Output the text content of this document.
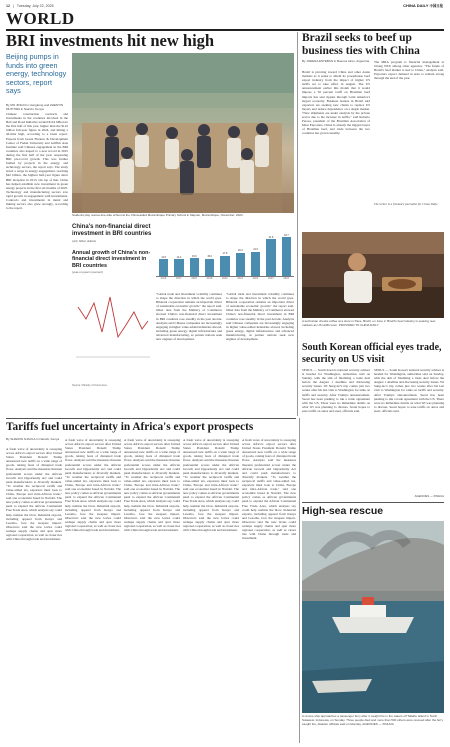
12 | Tuesday, July 22, 2025	CHINA DAILY 中国日报
WORLD
BRI investments hit new high
Beijing pumps in funds into green energy, technology sectors, report says
By MO JINGXI in Hongkong and ZHENTIN MUTITIRA in Nairobi, Kenya
Chinese construction contracts and investments in the countries involved in the Belt and Road Initiative totaled $124 billion in the first half of this year, higher than the $122 billion full-year figure in 2024, and hitting a all-time high, according to a latest report. Experts from Green Finance & Development Center of Fudan University and Griffith Asia Institute said Chinese engagement in the BRI countries also leaped to a new record in 2025 during the first half of the year, surpassing BRI pre-Covid growth. This was further fuelled by projects in the energy, and technology sectors, the report says. The study noted a surge in energy engagement, reaching $42 billion, the highest half-year figure since BRI inception in 2013. On top of that, China has helped establish new investment in green energy projects in the first six months of 2025. Technology and manufacturing sectors saw rapid growth in engagement with investments. Contracts and investments in metal and mining sectors also grew strongly, according to the report.
Students play rescue-line elite school at the China-aided Mozambique Primary School in Maputo, Mozambique, November, 2024.
China's non-financial direct investment in BRI countries
(unit: billion dollars)
Annual growth of China's non-financial direct investment in BRI countries
(year-on-year in percent)
Source: Ministry of Commerce
14.5	14.4	15.6	15.0
17.8
20.3	21.0
31.8
33.7
2016	2017	2018	2019	2020	2021	2022	2023	2024
"Global trade and investment volatility continues to shape the direction in which the world goes. Bilateral cooperation remains an important driver of sustainable economic growth," the report said. Other data from the Ministry of Commerce showed China's non-financial direct investment in BRI countries rose steadily in the past decade. Analysts said Chinese companies are increasingly engaging in higher value-added industries abroad, including green energy, digital infrastructure and advanced manufacturing, as partner nations seek new engines of development.
"Global trade and investment volatility continues to shape the direction in which the world goes. Bilateral cooperation remains an important driver of sustainable economic growth," the report said. Other data from the Ministry of Commerce showed China's non-financial direct investment in BRI countries rose steadily in the past decade. Analysts said Chinese companies are increasingly engaging in higher value-added industries abroad, including green energy, digital infrastructure and advanced manufacturing, as partner nations seek new engines of development.
Brazil seeks to beef up business ties with China
By JOEENA ESTEBAN in Buenos Aires, Argentina
Brazil is pivoting toward China and other Asian markets as it seeks to shield its powerhouse beef export industry from the impact of higher US tariffs set to take effect in August. The US announcement earlier this month that it would impose a 50 percent tariff on Brazilian beef imports has sent ripples through Latin America's largest economy. Business leaders in Brazil said exporters are seeking new clients to replace US buyers and reduce dependence on a single market. "New shipments are under analysis by the private sector due to the increase in tariffs," said Roberto Perosa, president of the Brazilian Association of Meat Exporters. China is already the biggest buyer of Brazilian beef, and trade between the two countries has grown steadily.
The MRA program is financial management at Strong NZX among other agencies. "The future of Brazil's beef market is tied to China," analysts said. Exporters expect demand in Asia to remain strong through the end of the year.
The writer is a freelance journalist for China Daily.
A technician checks coffee at a store in Pace, Brazil, on June 2. Brazil's beef industry is seeking new markets as US tariffs loom. PROVIDED TO CHINA DAILY
South Korean official eyes trade, security on US visit
SEOUL — South Korea's national security adviser is headed for Washington, authorities said on Sunday, with the aim of finalizing a trade deal before the August 1 deadline and discussing security issues. Wi Sung-lac's trip comes just two weeks after his last visit to Washington for talks on tariffs and security. After Trump's announcement, Seoul has been pushing to ink a trade agreement with the US. There were no immediate details on what Wi was planning to discuss. Seoul hopes to ease tariffs on autos and steel, officials said.
SEOUL — South Korea's national security adviser is headed for Washington, authorities said on Sunday, with the aim of finalizing a trade deal before the August 1 deadline and discussing security issues. Wi Sung-lac's trip comes just two weeks after his last visit to Washington for talks on tariffs and security. After Trump's announcement, Seoul has been pushing to ink a trade agreement with the US. There were no immediate details on what Wi was planning to discuss. Seoul hopes to ease tariffs on autos and steel, officials said.
AGENCIES — XINHUA
Tariffs fuel uncertainty in Africa's export prospects
By SHARON NJAOLA in Nairobi, Kenya
A fresh wave of uncertainty is sweeping across Africa's export sectors after United States President Donald Trump announced new tariffs on a wide range of goods, raising fears of disrupted trade flows. Analysts said the measures threaten preferential access under the African Growth and Opportunity Act and could push manufacturers to diversify markets. "To weather the reciprocal tariffs and value-added tax, exporters must look to China, Europe and intra-African trade," said one economist based in Nairobi. The new policy comes as African governments push to expand the African Continental Free Trade Area, which analysts say could help cushion the blow. Industrial exports, including apparel from Kenya and Lesotho, face the steepest impact. Observers said the new levies could reshape supply chains and spur more regional cooperation, as well as closer ties with China through trade and investment.
A fresh wave of uncertainty is sweeping across Africa's export sectors after United States President Donald Trump announced new tariffs on a wide range of goods, raising fears of disrupted trade flows. Analysts said the measures threaten preferential access under the African Growth and Opportunity Act and could push manufacturers to diversify markets. "To weather the reciprocal tariffs and value-added tax, exporters must look to China, Europe and intra-African trade," said one economist based in Nairobi. The new policy comes as African governments push to expand the African Continental Free Trade Area, which analysts say could help cushion the blow. Industrial exports, including apparel from Kenya and Lesotho, face the steepest impact. Observers said the new levies could reshape supply chains and spur more regional cooperation, as well as closer ties with China through trade and investment.
A fresh wave of uncertainty is sweeping across Africa's export sectors after United States President Donald Trump announced new tariffs on a wide range of goods, raising fears of disrupted trade flows. Analysts said the measures threaten preferential access under the African Growth and Opportunity Act and could push manufacturers to diversify markets. "To weather the reciprocal tariffs and value-added tax, exporters must look to China, Europe and intra-African trade," said one economist based in Nairobi. The new policy comes as African governments push to expand the African Continental Free Trade Area, which analysts say could help cushion the blow. Industrial exports, including apparel from Kenya and Lesotho, face the steepest impact. Observers said the new levies could reshape supply chains and spur more regional cooperation, as well as closer ties with China through trade and investment.
A fresh wave of uncertainty is sweeping across Africa's export sectors after United States President Donald Trump announced new tariffs on a wide range of goods, raising fears of disrupted trade flows. Analysts said the measures threaten preferential access under the African Growth and Opportunity Act and could push manufacturers to diversify markets. "To weather the reciprocal tariffs and value-added tax, exporters must look to China, Europe and intra-African trade," said one economist based in Nairobi. The new policy comes as African governments push to expand the African Continental Free Trade Area, which analysts say could help cushion the blow. Industrial exports, including apparel from Kenya and Lesotho, face the steepest impact. Observers said the new levies could reshape supply chains and spur more regional cooperation, as well as closer ties with China through trade and investment.
A fresh wave of uncertainty is sweeping across Africa's export sectors after United States President Donald Trump announced new tariffs on a wide range of goods, raising fears of disrupted trade flows. Analysts said the measures threaten preferential access under the African Growth and Opportunity Act and could push manufacturers to diversify markets. "To weather the reciprocal tariffs and value-added tax, exporters must look to China, Europe and intra-African trade," said one economist based in Nairobi. The new policy comes as African governments push to expand the African Continental Free Trade Area, which analysts say could help cushion the blow. Industrial exports, including apparel from Kenya and Lesotho, face the steepest impact. Observers said the new levies could reshape supply chains and spur more regional cooperation, as well as closer ties with China through trade and investment.
High-sea rescue
A rescue ship approaches a passenger ferry after it caught fire in the waters off Taliabu Island in North Sulawesi, Indonesia, on Sunday. Three people died and more than 500 others were rescued after the ferry caught fire, disaster officials said on Monday. AGENCIES — XINHUA
